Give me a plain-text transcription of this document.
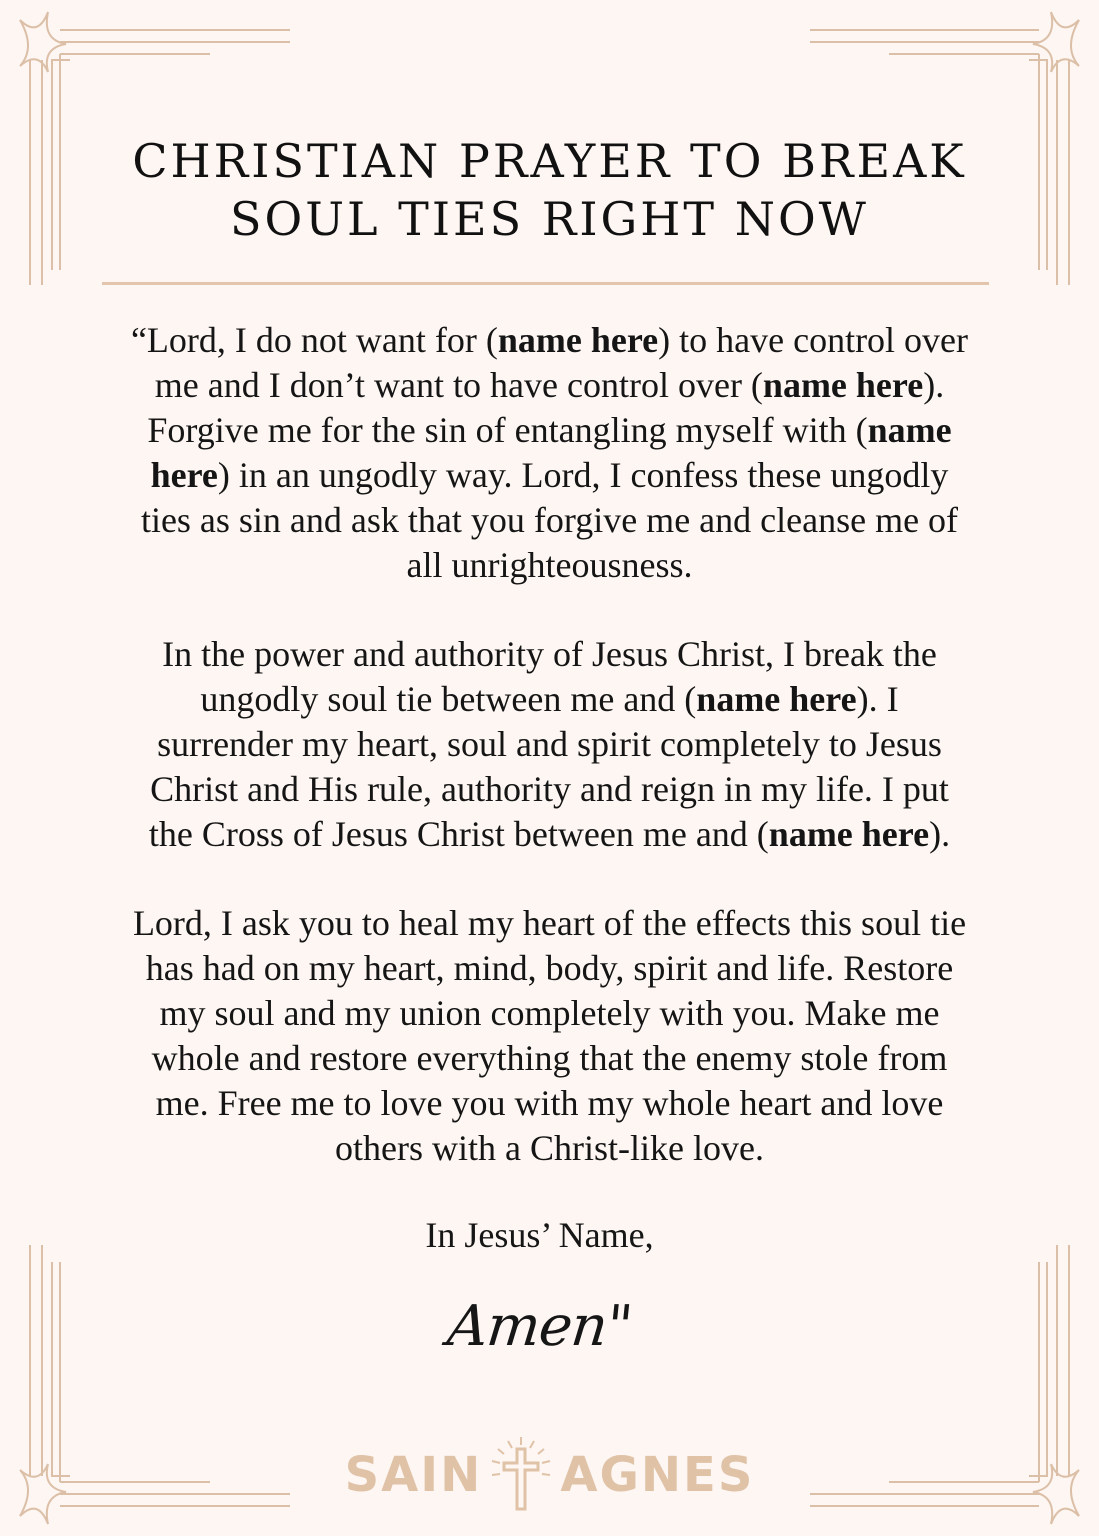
CHRISTIAN PRAYER TO BREAK
SOUL TIES RIGHT NOW

“Lord, I do not want for (name here) to have control over
me and I don’t want to have control over (name here).
Forgive me for the sin of entangling myself with (name
here) in an ungodly way. Lord, I confess these ungodly
ties as sin and ask that you forgive me and cleanse me of
all unrighteousness.

In the power and authority of Jesus Christ, I break the
ungodly soul tie between me and (name here). I
surrender my heart, soul and spirit completely to Jesus
Christ and His rule, authority and reign in my life. I put
the Cross of Jesus Christ between me and (name here).

Lord, I ask you to heal my heart of the effects this soul tie
has had on my heart, mind, body, spirit and life. Restore
my soul and my union completely with you. Make me
whole and restore everything that the enemy stole from
me. Free me to love you with my whole heart and love
others with a Christ-like love.

In Jesus’ Name,
Amen"
SAIN AGNES
